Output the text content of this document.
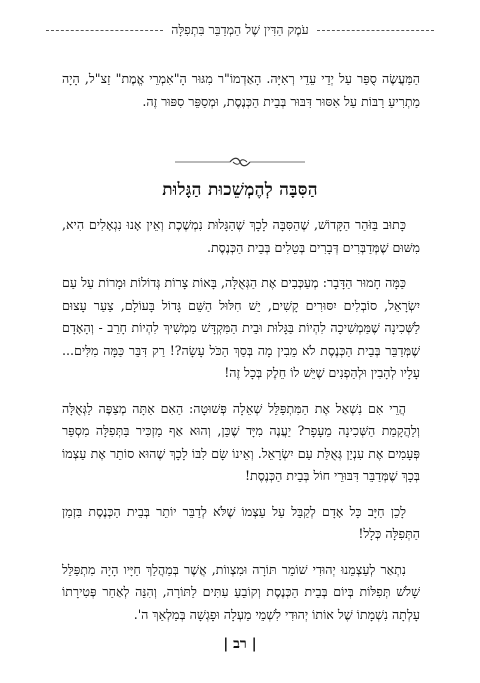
עֹמֶק הַדִּין שֶׁל הַמְדַבֵּר בִּתְפִלָּה

הַמַּעֲשֶׂה סֻפַּר עַל יְדֵי עֵדֵי רְאִיָּה. הָאַדְמוֹ"ר מִגּוּר הָ"אִמְרֵי אֱמֶת" זַצ"ל, הָיָה מַתְרִיעַ רַבּוֹת עַל אִסּוּר דִּבּוּר בְּבֵית הַכְּנֶסֶת, וּמְסַפֵּר סִפּוּר זֶה.

הַסִּבָּה לְהֶמְשֵׁכוּת הַגָּלוּת

כָּתוּב בַּזֹּהַר הַקָּדוֹשׁ, שֶׁהַסִּבָּה לָכָךְ שֶׁהַגָּלוּת נִמְשֶׁכֶת וְאֵין אָנוּ נִגְאָלִים הִיא, מִשּׁוּם שֶׁמְּדַבְּרִים דְּבָרִים בְּטֵלִים בְּבֵית הַכְּנֶסֶת.

כַּמָּה חָמוּר הַדָּבָר: מְעַכְּבִים אֶת הַגְּאֻלָּה, בָּאוֹת צָרוֹת גְּדוֹלוֹת וּמָרוֹת עַל עַם יִשְׂרָאֵל, סוֹבְלִים יִסּוּרִים קָשִׁים, יֵשׁ חִלּוּל הַשֵּׁם גָּדוֹל בָּעוֹלָם, צַעַר עָצוּם לַשְּׁכִינָה שֶׁמַּמְשִׁיכָה לִהְיוֹת בַּגָּלוּת וּבֵית הַמִּקְדָּשׁ מַמְשִׁיךְ לִהְיוֹת חָרֵב - וְהָאָדָם שֶׁמְּדַבֵּר בְּבֵית הַכְּנֶסֶת לֹא מֵבִין מָה בְּסַךְ הַכֹּל עָשָׂה?! רַק דִּבֵּר כַּמָּה מִלִּים... עָלָיו לְהָבִין וּלְהַפְנִים שֶׁיֵּשׁ לוֹ חֵלֶק בְּכָל זֶה!

הֲרֵי אִם נִשְׁאַל אֶת הַמִּתְפַּלֵּל שְׁאֵלָה פְּשׁוּטָה: הַאִם אַתָּה מְצַפֶּה לַגְּאֻלָּה וְלַהֲקָמַת הַשְּׁכִינָה מֵעָפָר? יַעֲנֶה מִיָּד שֶׁכֵּן, וְהוּא אַף מַזְכִּיר בַּתְּפִלָּה מִסְפַּר פְּעָמִים אֶת עִנְיַן גְּאֻלַּת עַם יִשְׂרָאֵל. וְאֵינוֹ שָׂם לִבּוֹ לָכָךְ שֶׁהוּא סוֹתֵר אֶת עַצְמוֹ בְּכָךְ שֶׁמְּדַבֵּר דִּבּוּרֵי חוֹל בְּבֵית הַכְּנֶסֶת!

לָכֵן חַיָּב כָּל אָדָם לְקַבֵּל עַל עַצְמוֹ שֶׁלֹּא לְדַבֵּר יוֹתֵר בְּבֵית הַכְּנֶסֶת בִּזְמַן הַתְּפִלָּה כְּלָל!

נִתְאַר לְעַצְמֵנוּ יְהוּדִי שׁוֹמֵר תּוֹרָה וּמִצְווֹת, אֲשֶׁר בְּמַהֲלַךְ חַיָּיו הָיָה מִתְפַּלֵּל שָׁלֹשׁ תְּפִלּוֹת בְּיוֹם בְּבֵית הַכְּנֶסֶת וְקוֹבֵעַ עִתִּים לַתּוֹרָה, וְהִנֵּה לְאַחַר פְּטִירָתוֹ עָלְתָה נִשְׁמָתוֹ שֶׁל אוֹתוֹ יְהוּדִי לִשְׁמֵי מַעְלָה וּפָגְשָׁה בְּמַלְאַךְ ה'.

| רב |
